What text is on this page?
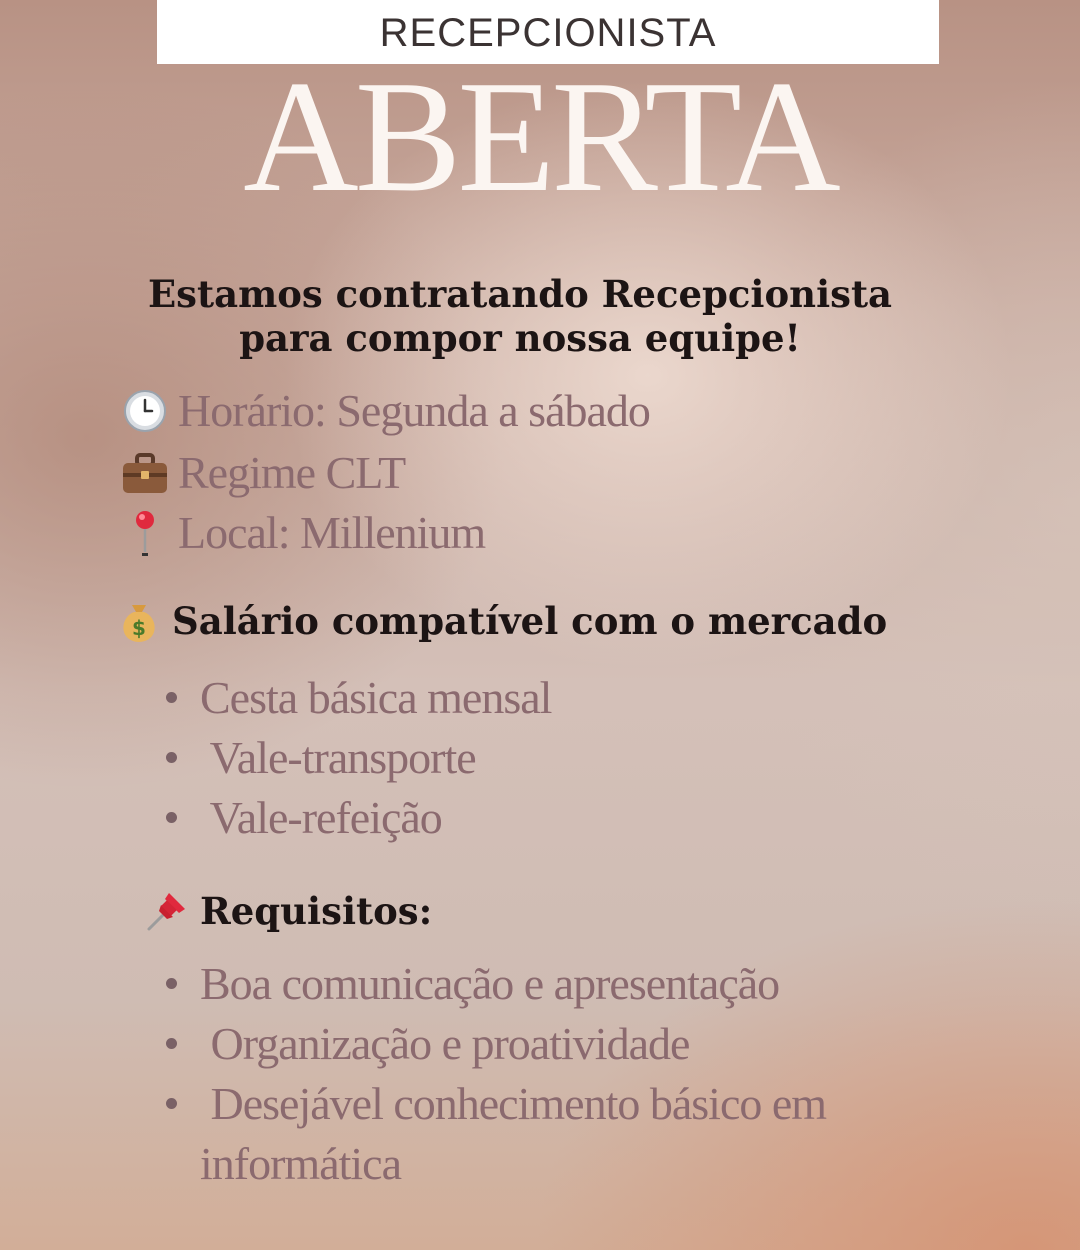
RECEPCIONISTA
ABERTA
Estamos contratando Recepcionista
para compor nossa equipe!
Horário: Segunda a sábado
Regime CLT
Local: Millenium
$ Salário compatível com o mercado
Cesta básica mensal
Vale-transporte
Vale-refeição
Requisitos:
Boa comunicação e apresentação
Organização e proatividade
Desejável conhecimento básico em
informática
